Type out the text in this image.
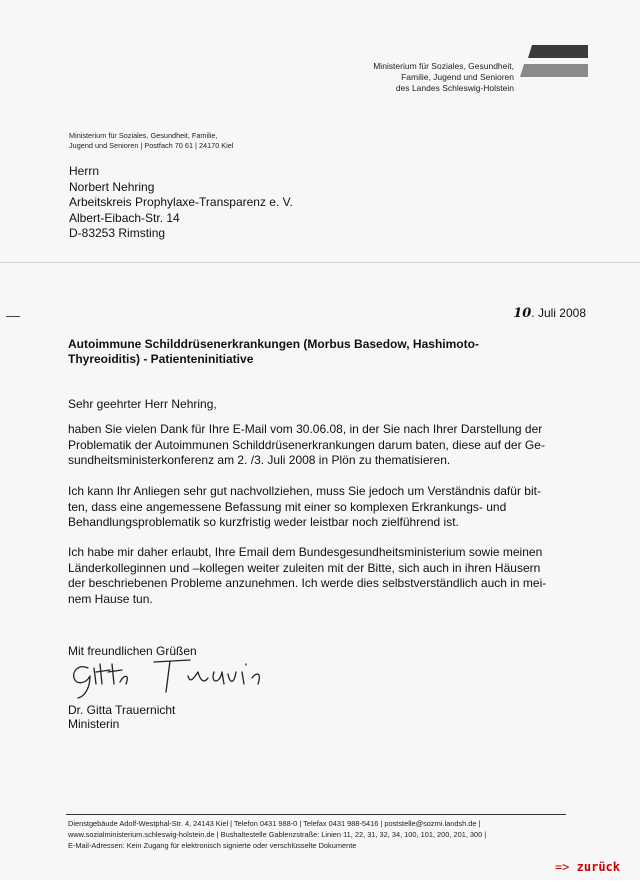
Ministerium für Soziales, Gesundheit,
Familie, Jugend und Senioren
des Landes Schleswig-Holstein
Ministerium für Soziales, Gesundheit, Familie,
Jugend und Senioren | Postfach 70 61 | 24170 Kiel
Herrn
Norbert Nehring
Arbeitskreis Prophylaxe-Transparenz e. V.
Albert-Eibach-Str. 14
D-83253 Rimsting
10. Juli 2008
Autoimmune Schilddrüsenerkrankungen (Morbus Basedow, Hashimoto-Thyreoiditis) - Patienteninitiative
Sehr geehrter Herr Nehring,
haben Sie vielen Dank für Ihre E-Mail vom 30.06.08, in der Sie nach Ihrer Darstellung der
Problematik der Autoimmunen Schilddrüsenerkrankungen darum baten, diese auf der Ge-
sundheitsministerkonferenz am 2. /3. Juli 2008 in Plön zu thematisieren.
Ich kann Ihr Anliegen sehr gut nachvollziehen, muss Sie jedoch um Verständnis dafür bit-
ten, dass eine angemessene Befassung mit einer so komplexen Erkrankungs- und
Behandlungsproblematik so kurzfristig weder leistbar noch zielführend ist.
Ich habe mir daher erlaubt, Ihre Email dem Bundesgesundheitsministerium sowie meinen
Länderkolleginnen und –kollegen weiter zuleiten mit der Bitte, sich auch in ihren Häusern
der beschriebenen Probleme anzunehmen. Ich werde dies selbstverständlich auch in mei-
nem Hause tun.
Mit freundlichen Grüßen
Dr. Gitta Trauernicht
Ministerin
Dienstgebäude Adolf-Westphal-Str. 4, 24143 Kiel | Telefon 0431 988-0 | Telefax 0431 988-5416 | poststelle@sozmi.landsh.de |
www.sozialministerium.schleswig-holstein.de | Bushaltestelle Gablenzstraße: Linien 11, 22, 31, 32, 34, 100, 101, 200, 201, 300 |
E-Mail-Adressen: Kein Zugang für elektronisch signierte oder verschlüsselte Dokumente
=> zurück
